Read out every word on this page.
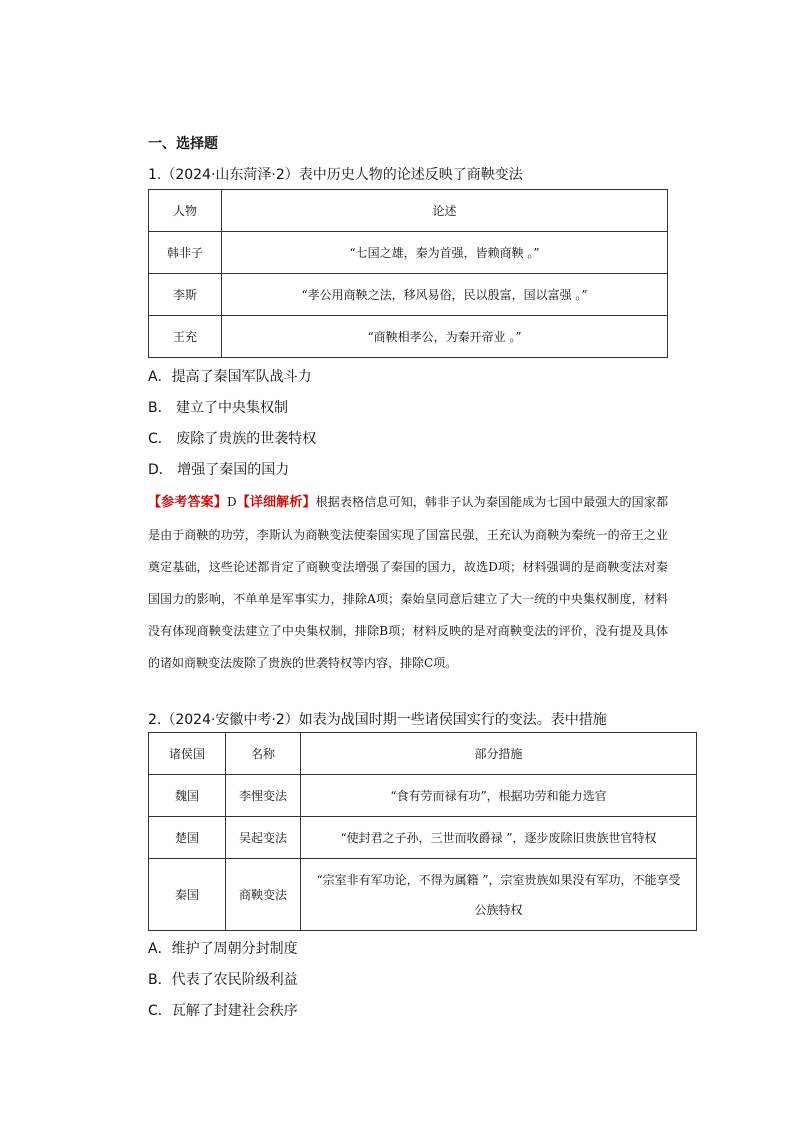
一、选择题
1.（2024·山东菏泽·2）表中历史人物的论述反映了商鞅变法
人物	论述
韩非子	“七国之雄，秦为首强，皆赖商鞅 。”
李斯	“孝公用商鞅之法，移风易俗，民以殷富，国以富强 。”
王充	“商鞅相孝公，为秦开帝业 。”
A．提高了秦国军队战斗力
B． 建立了中央集权制
C． 废除了贵族的世袭特权
D． 增强了秦国的国力
【参考答案】D【详细解析】根据表格信息可知，韩非子认为秦国能成为七国中最强大的国家都是由于商鞅的功劳，李斯认为商鞅变法使秦国实现了国富民强，王充认为商鞅为秦统一的帝王之业奠定基础，这些论述都肯定了商鞅变法增强了秦国的国力，故选D项；材料强调的是商鞅变法对秦国国力的影响，不单单是军事实力，排除A项；秦始皇同意后建立了大一统的中央集权制度，材料没有体现商鞅变法建立了中央集权制，排除B项；材料反映的是对商鞅变法的评价，没有提及具体的诸如商鞅变法废除了贵族的世袭特权等内容，排除C项。
2.（2024·安徽中考·2）如表为战国时期一些诸侯国实行的变法。表中措施
诸侯国	名称	部分措施
魏国	李悝变法	“食有劳而禄有功”，根据功劳和能力选官
楚国	吴起变法	“使封君之子孙，三世而收爵禄 ”，逐步废除旧贵族世官特权
秦国	商鞅变法	“宗室非有军功论，不得为属籍 ”，宗室贵族如果没有军功，不能享受公族特权
A．维护了周朝分封制度
B．代表了农民阶级利益
C．瓦解了封建社会秩序
